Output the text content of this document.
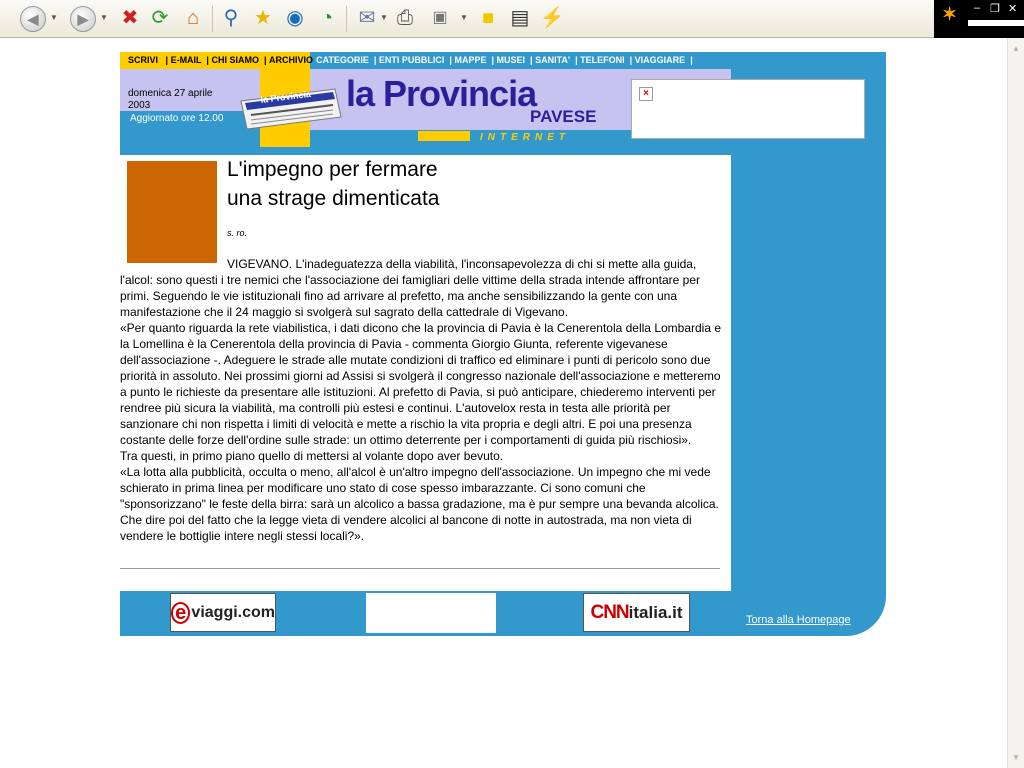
◀	▼	▶	▼ ✖ ⟳ ⌂	⚲ ★ ◉ ◔	✉ ▼ ⎙	▣	▼ ■ ▤ ⚡	✶ – ❐ ✕
▲
▼
SCRIVI   | E-MAIL  | CHI SIAMO  | ARCHIVIO CATEGORIE  | ENTI PUBBLICI  | MAPPE  | MUSEI  | SANITA'  | TELEFONI  | VIAGGIARE  |
domenica 27 aprile 2003
Aggiornato ore 12.00
la Provincia la Provincia
PAVESE
INTERNET
×
L'impegno per fermare
una strage dimenticata
s. ro.

VIGEVANO. L'inadeguatezza della viabilità, l'inconsapevolezza di chi si mette alla guida, l'alcol: sono questi i tre nemici che l'associazione dei famigliari delle vittime della strada intende affrontare per primi. Seguendo le vie istituzionali fino ad arrivare al prefetto, ma anche sensibilizzando la gente con una manifestazione che il 24 maggio si svolgerà sul sagrato della cattedrale di Vigevano.

«Per quanto riguarda la rete viabilistica, i dati dicono che la provincia di Pavia è la Cenerentola della Lombardia e la Lomellina è la Cenerentola della provincia di Pavia - commenta Giorgio Giunta, referente vigevanese dell'associazione -. Adeguere le strade alle mutate condizioni di traffico ed eliminare i punti di pericolo sono due priorità in assoluto. Nei prossimi giorni ad Assisi si svolgerà il congresso nazionale dell'associazione e metteremo a punto le richieste da presentare alle istituzioni. Al prefetto di Pavia, si può anticipare, chiederemo interventi per rendree più sicura la viabilità, ma controlli più estesi e continui. L'autovelox resta in testa alle priorità per sanzionare chi non rispetta i limiti di velocità e mette a rischio la vita propria e degli altri. E poi una presenza costante delle forze dell'ordine sulle strade: un ottimo deterrente per i comportamenti di guida più rischiosi».

Tra questi, in primo piano quello di mettersi al volante dopo aver bevuto.

«La lotta alla pubblicità, occulta o meno, all'alcol è un'altro impegno dell'associazione. Un impegno che mi vede schierato in prima linea per modificare uno stato di cose spesso imbarazzante. Ci sono comuni che "sponsorizzano" le feste della birra: sarà un alcolico a bassa gradazione, ma è pur sempre una bevanda alcolica. Che dire poi del fatto che la legge vieta di vendere alcolici al bancone di notte in autostrada, ma non vieta di vendere le bottiglie intere negli stessi locali?».

e viaggi.com	CNN italia.it	Torna alla Homepage
